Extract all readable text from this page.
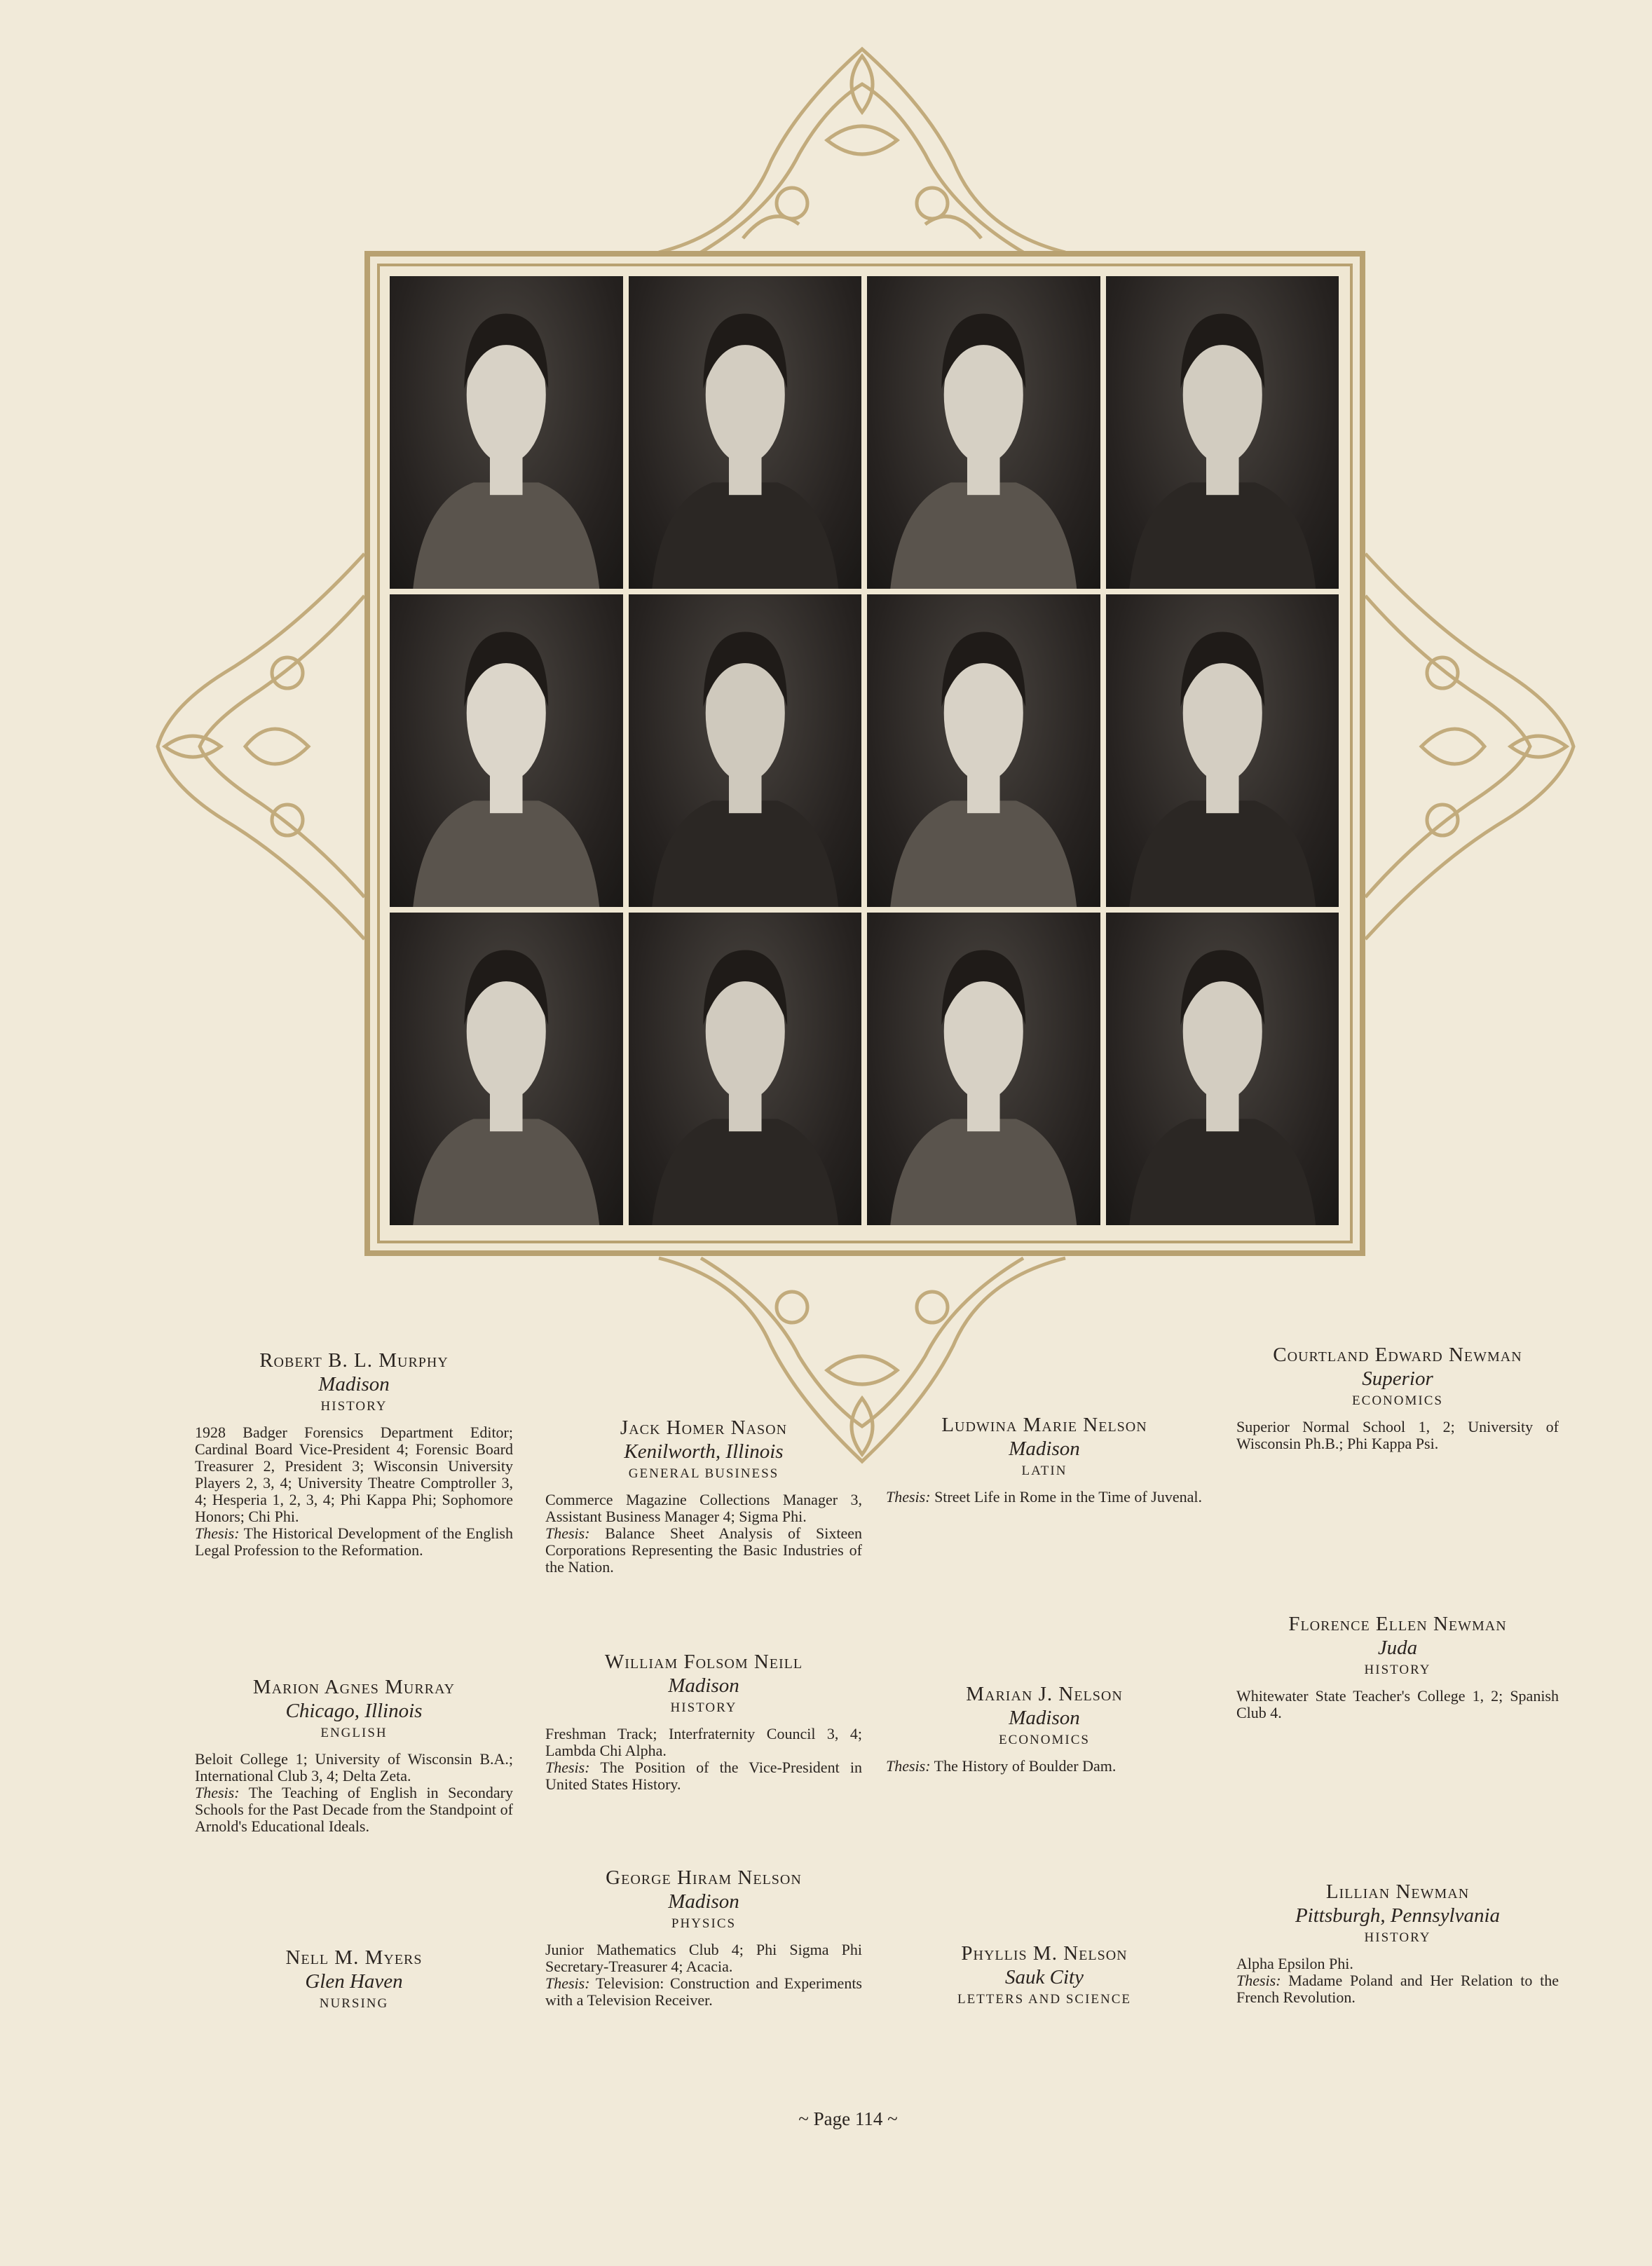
Robert B. L. Murphy
Madison
HISTORY
1928 Badger Forensics Department Editor; Cardinal Board Vice-President 4; Forensic Board Treasurer 2, President 3; Wisconsin University Players 2, 3, 4; University Theatre Comptroller 3, 4; Hesperia 1, 2, 3, 4; Phi Kappa Phi; Sophomore Honors; Chi Phi.
Thesis: The Historical Development of the English Legal Profession to the Reformation.
Marion Agnes Murray
Chicago, Illinois
ENGLISH
Beloit College 1; University of Wisconsin B.A.; International Club 3, 4; Delta Zeta.
Thesis: The Teaching of English in Secondary Schools for the Past Decade from the Standpoint of Arnold's Educational Ideals.
Nell M. Myers
Glen Haven
NURSING
Jack Homer Nason
Kenilworth, Illinois
GENERAL BUSINESS
Commerce Magazine Collections Manager 3, Assistant Business Manager 4; Sigma Phi.
Thesis: Balance Sheet Analysis of Sixteen Corporations Representing the Basic Industries of the Nation.
William Folsom Neill
Madison
HISTORY
Freshman Track; Interfraternity Council 3, 4; Lambda Chi Alpha.
Thesis: The Position of the Vice-President in United States History.
George Hiram Nelson
Madison
PHYSICS
Junior Mathematics Club 4; Phi Sigma Phi Secretary-Treasurer 4; Acacia.
Thesis: Television: Construction and Experiments with a Television Receiver.
Ludwina Marie Nelson
Madison
LATIN
Thesis: Street Life in Rome in the Time of Juvenal.
Marian J. Nelson
Madison
ECONOMICS
Thesis: The History of Boulder Dam.
Phyllis M. Nelson
Sauk City
LETTERS AND SCIENCE
Courtland Edward Newman
Superior
ECONOMICS
Superior Normal School 1, 2; University of Wisconsin Ph.B.; Phi Kappa Psi.
Florence Ellen Newman
Juda
HISTORY
Whitewater State Teacher's College 1, 2; Spanish Club 4.
Lillian Newman
Pittsburgh, Pennsylvania
HISTORY
Alpha Epsilon Phi.
Thesis: Madame Poland and Her Relation to the French Revolution.
~ Page 114 ~
